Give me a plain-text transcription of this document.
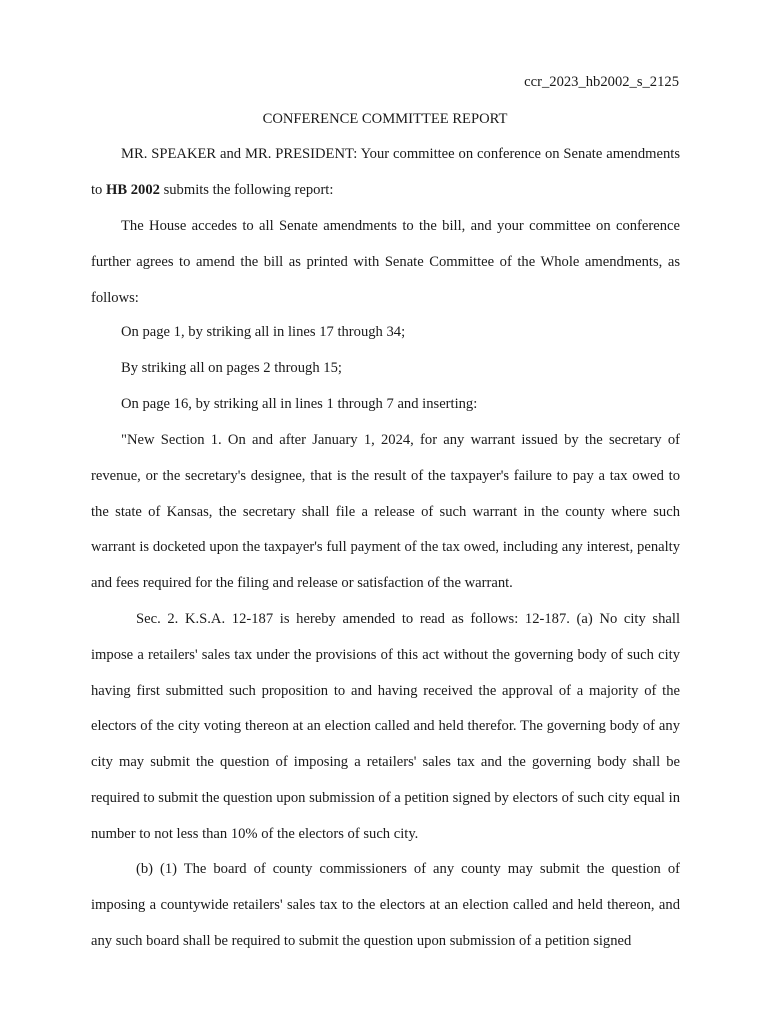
ccr_2023_hb2002_s_2125
CONFERENCE COMMITTEE REPORT
MR. SPEAKER and MR. PRESIDENT: Your committee on conference on Senate amendments to HB 2002 submits the following report:
The House accedes to all Senate amendments to the bill, and your committee on conference further agrees to amend the bill as printed with Senate Committee of the Whole amendments, as follows:
On page 1, by striking all in lines 17 through 34;
By striking all on pages 2 through 15;
On page 16, by striking all in lines 1 through 7 and inserting:
"New Section 1. On and after January 1, 2024, for any warrant issued by the secretary of revenue, or the secretary's designee, that is the result of the taxpayer's failure to pay a tax owed to the state of Kansas, the secretary shall file a release of such warrant in the county where such warrant is docketed upon the taxpayer's full payment of the tax owed, including any interest, penalty and fees required for the filing and release or satisfaction of the warrant.
Sec. 2. K.S.A. 12-187 is hereby amended to read as follows: 12-187. (a) No city shall impose a retailers' sales tax under the provisions of this act without the governing body of such city having first submitted such proposition to and having received the approval of a majority of the electors of the city voting thereon at an election called and held therefor. The governing body of any city may submit the question of imposing a retailers' sales tax and the governing body shall be required to submit the question upon submission of a petition signed by electors of such city equal in number to not less than 10% of the electors of such city.
(b) (1) The board of county commissioners of any county may submit the question of imposing a countywide retailers' sales tax to the electors at an election called and held thereon, and any such board shall be required to submit the question upon submission of a petition signed
